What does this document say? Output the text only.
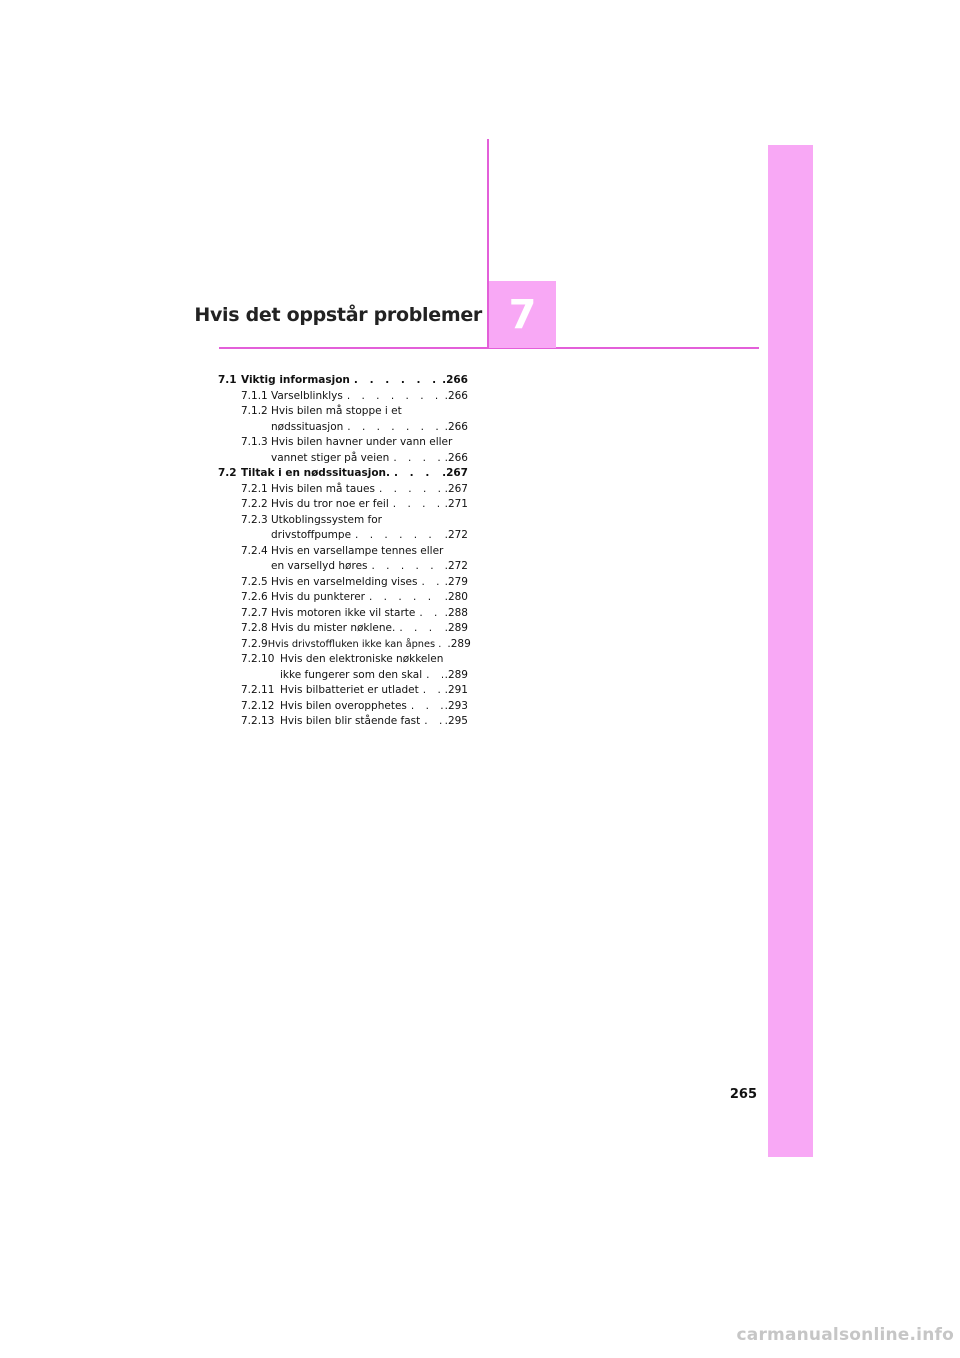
Hvis det oppstår problemer 7
7.1 Viktig informasjon . . .	.266
7.1.1 Varselblinklys . . .	.266
7.1.2 Hvis bilen må stoppe i et
nødssituasjon . . .	.266
7.1.3 Hvis bilen havner under vann eller
vannet stiger på veien . . .	.266
7.2 Tiltak i en nødssituasjon. . . .	.267
7.2.1 Hvis bilen må taues . . .	.267
7.2.2 Hvis du tror noe er feil . . .	.271
7.2.3 Utkoblingssystem for
drivstoffpumpe . . .	.272
7.2.4 Hvis en varsellampe tennes eller
en varsellyd høres . . .	.272
7.2.5 Hvis en varselmelding vises . . .	.279
7.2.6 Hvis du punkterer . . .	.280
7.2.7 Hvis motoren ikke vil starte . . .	.288
7.2.8 Hvis du mister nøklene. . . .	.289
7.2.9 Hvis drivstoffluken ikke kan åpnes . . . . .289
7.2.10 Hvis den elektroniske nøkkelen
ikke fungerer som den skal . . . .289
7.2.11 Hvis bilbatteriet er utladet . . . .291
7.2.12 Hvis bilen overopphetes . . .	.293
7.2.13 Hvis bilen blir stående fast . . . .295
265
carmanualsonline.info
